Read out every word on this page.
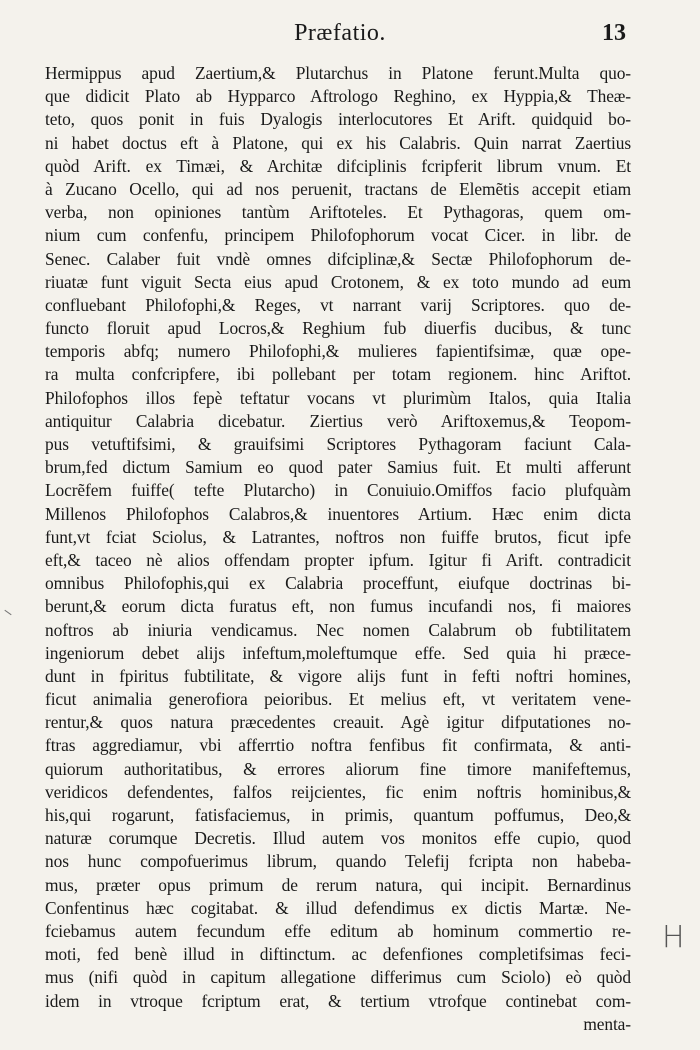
Præfatio.	13
Hermippus apud Zaertium,& Plutarchus in Platone ferunt.Multa quo-
que didicit Plato ab Hypparco Aftrologo Reghino, ex Hyppia,& Theæ-
teto, quos ponit in fuis Dyalogis interlocutores Et Arift. quidquid bo-
ni habet doctus eft à Platone, qui ex his Calabris. Quin narrat Zaertius
quòd Arift. ex Timæi, & Architæ difciplinis fcripferit librum vnum. Et
à Zucano Ocello, qui ad nos peruenit, tractans de Elemẽtis accepit etiam
verba, non opiniones tantùm Ariftoteles. Et Pythagoras, quem om-
nium cum confenfu, principem Philofophorum vocat Cicer. in libr. de
Senec. Calaber fuit vndè omnes difciplinæ,& Sectæ Philofophorum de-
riuatæ funt viguit Secta eius apud Crotonem, & ex toto mundo ad eum
confluebant Philofophi,& Reges, vt narrant varij Scriptores. quo de-
functo floruit apud Locros,& Reghium fub diuerfis ducibus, & tunc
temporis abfq; numero Philofophi,& mulieres fapientifsimæ, quæ ope-
ra multa confcripfere, ibi pollebant per totam regionem. hinc Ariftot.
Philofophos illos fepè teftatur vocans vt plurimùm Italos, quia Italia
antiquitur Calabria dicebatur. Ziertius verò Ariftoxemus,& Teopom-
pus vetuftifsimi, & grauifsimi Scriptores Pythagoram faciunt Cala-
brum,fed dictum Samium eo quod pater Samius fuit. Et multi afferunt
Locrẽfem fuiffe( tefte Plutarcho) in Conuiuio.Omiffos facio plufquàm
Millenos Philofophos Calabros,& inuentores Artium. Hæc enim dicta
funt,vt fciat Sciolus, & Latrantes, noftros non fuiffe brutos, ficut ipfe
eft,& taceo nè alios offendam propter ipfum. Igitur fi Arift. contradicit
omnibus Philofophis,qui ex Calabria proceffunt, eiufque doctrinas bi-
berunt,& eorum dicta furatus eft, non fumus incufandi nos, fi maiores
noftros ab iniuria vendicamus. Nec nomen Calabrum ob fubtilitatem
ingeniorum debet alijs infeftum,moleftumque effe. Sed quia hi præce-
dunt in fpiritus fubtilitate, & vigore alijs funt in fefti noftri homines,
ficut animalia generofiora peioribus. Et melius eft, vt veritatem vene-
rentur,& quos natura præcedentes creauit. Agè igitur difputationes no-
ftras aggrediamur, vbi afferrtio noftra fenfibus fit confirmata, & anti-
quiorum authoritatibus, & errores aliorum fine timore manifeftemus,
veridicos defendentes, falfos reijcientes, fic enim noftris hominibus,&
his,qui rogarunt, fatisfaciemus, in primis, quantum poffumus, Deo,&
naturæ corumque Decretis. Illud autem vos monitos effe cupio, quod
nos hunc compofuerimus librum, quando Telefij fcripta non habeba-
mus, præter opus primum de rerum natura, qui incipit. Bernardinus
Confentinus hæc cogitabat. & illud defendimus ex dictis Martæ. Ne-
fciebamus autem fecundum effe editum ab hominum commertio re-
moti, fed benè illud in diftinctum. ac defenfiones completifsimas feci-
mus (nifi quòd in capitum allegatione differimus cum Sciolo) eò quòd
idem in vtroque fcriptum erat, & tertium vtrofque continebat com-
menta-
H
